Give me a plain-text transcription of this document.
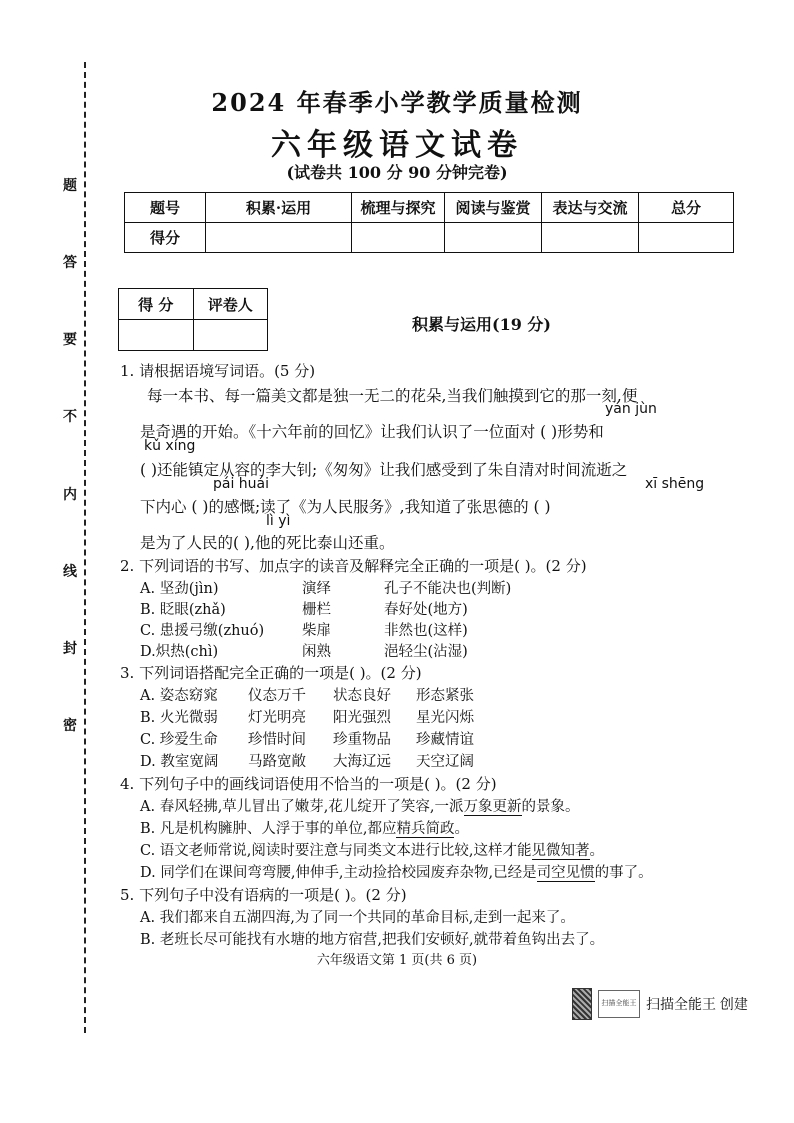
题
答
要
不
内
线
封
密
2024 年春季小学教学质量检测
六年级语文试卷
(试卷共 100 分 90 分钟完卷)
题号	积累·运用	梳理与探究	阅读与鉴赏	表达与交流	总分
得分					
得 分	评卷人

积累与运用(19 分)
1. 请根据语境写词语。(5 分)
每一本书、每一篇美文都是独一无二的花朵,当我们触摸到它的那一刻,便
是奇遇的开始。《十六年前的回忆》让我们认识了一位面对 ( )形势和
( )还能镇定从容的李大钊;《匆匆》让我们感受到了朱自清对时间流逝之
下内心 ( )的感慨;读了《为人民服务》,我知道了张思德的 ( )
是为了人民的( ),他的死比泰山还重。
yán jùn
kǔ xíng
pái huái	xī shēng
lì yì
2. 下列词语的书写、加点字的读音及解释完全正确的一项是( )。(2 分)
A. 坚劲(jìn)	演绎	孔子不能决也(判断)
B. 眨眼(zhǎ)	栅栏	春好处(地方)
C. 患援弓缴(zhuó)	柴扉	非然也(这样)
D.炽热(chì)	闲熟	浥轻尘(沾湿)
3. 下列词语搭配完全正确的一项是( )。(2 分)
A. 姿态窈窕 仪态万千 状态良好 形态紧张
B. 火光微弱 灯光明亮 阳光强烈 星光闪烁
C. 珍爱生命 珍惜时间 珍重物品 珍藏情谊
D. 教室宽阔 马路宽敞 大海辽远 天空辽阔
4. 下列句子中的画线词语使用不恰当的一项是( )。(2 分)
A. 春风轻拂,草儿冒出了嫩芽,花儿绽开了笑容,一派万象更新的景象。
B. 凡是机构臃肿、人浮于事的单位,都应精兵简政。
C. 语文老师常说,阅读时要注意与同类文本进行比较,这样才能见微知著。
D. 同学们在课间弯弯腰,伸伸手,主动捡拾校园废弃杂物,已经是司空见惯的事了。
5. 下列句子中没有语病的一项是( )。(2 分)
A. 我们都来自五湖四海,为了同一个共同的革命目标,走到一起来了。
B. 老班长尽可能找有水塘的地方宿营,把我们安顿好,就带着鱼钩出去了。
六年级语文第 1 页(共 6 页)
扫描全能王 扫描全能王 创建
